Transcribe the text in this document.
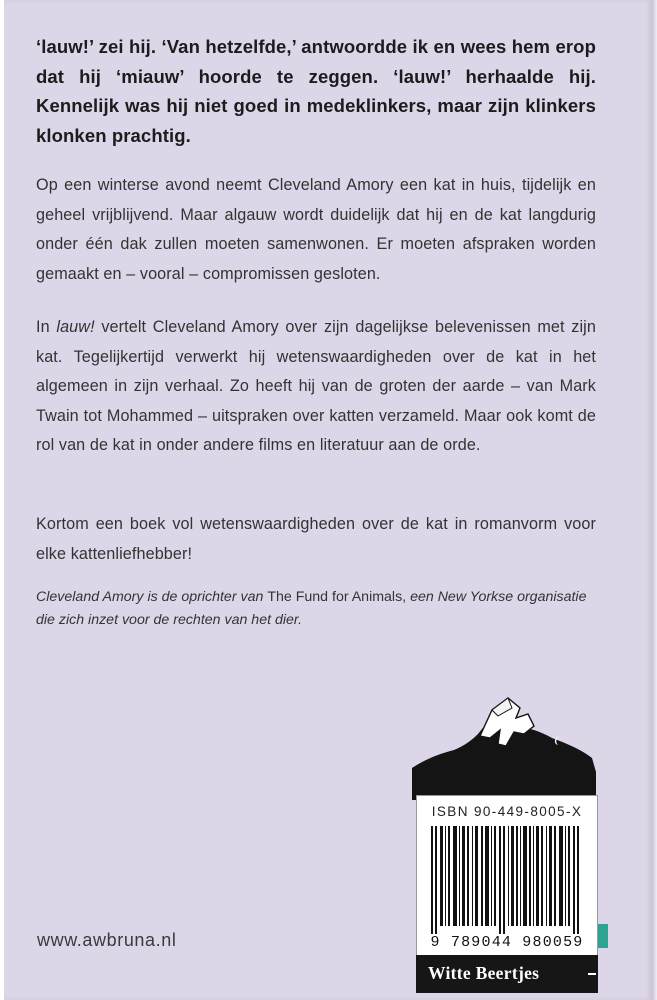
‘lauw!’ zei hij. ‘Van hetzelfde,’ antwoordde ik en wees hem erop dat hij ‘miauw’ hoorde te zeggen. ‘lauw!’ herhaalde hij. Kennelijk was hij niet goed in medeklinkers, maar zijn klinkers klonken prachtig.
Op een winterse avond neemt Cleveland Amory een kat in huis, tijdelijk en geheel vrijblijvend. Maar algauw wordt duidelijk dat hij en de kat langdurig onder één dak zullen moeten samenwonen. Er moeten afspraken worden gemaakt en – vooral – compromissen gesloten.
In lauw! vertelt Cleveland Amory over zijn dagelijkse belevenissen met zijn kat. Tegelijkertijd verwerkt hij wetenswaardigheden over de kat in het algemeen in zijn verhaal. Zo heeft hij van de groten der aarde – van Mark Twain tot Mohammed – uitspraken over katten verzameld. Maar ook komt de rol van de kat in onder andere films en literatuur aan de orde.
Kortom een boek vol wetenswaardigheden over de kat in romanvorm voor elke kattenliefhebber!
Cleveland Amory is de oprichter van The Fund for Animals, een New Yorkse organisatie die zich inzet voor de rechten van het dier.
www.awbruna.nl
ISBN 90-449-8005-X
9 789044 980059
Witte Beertjes
